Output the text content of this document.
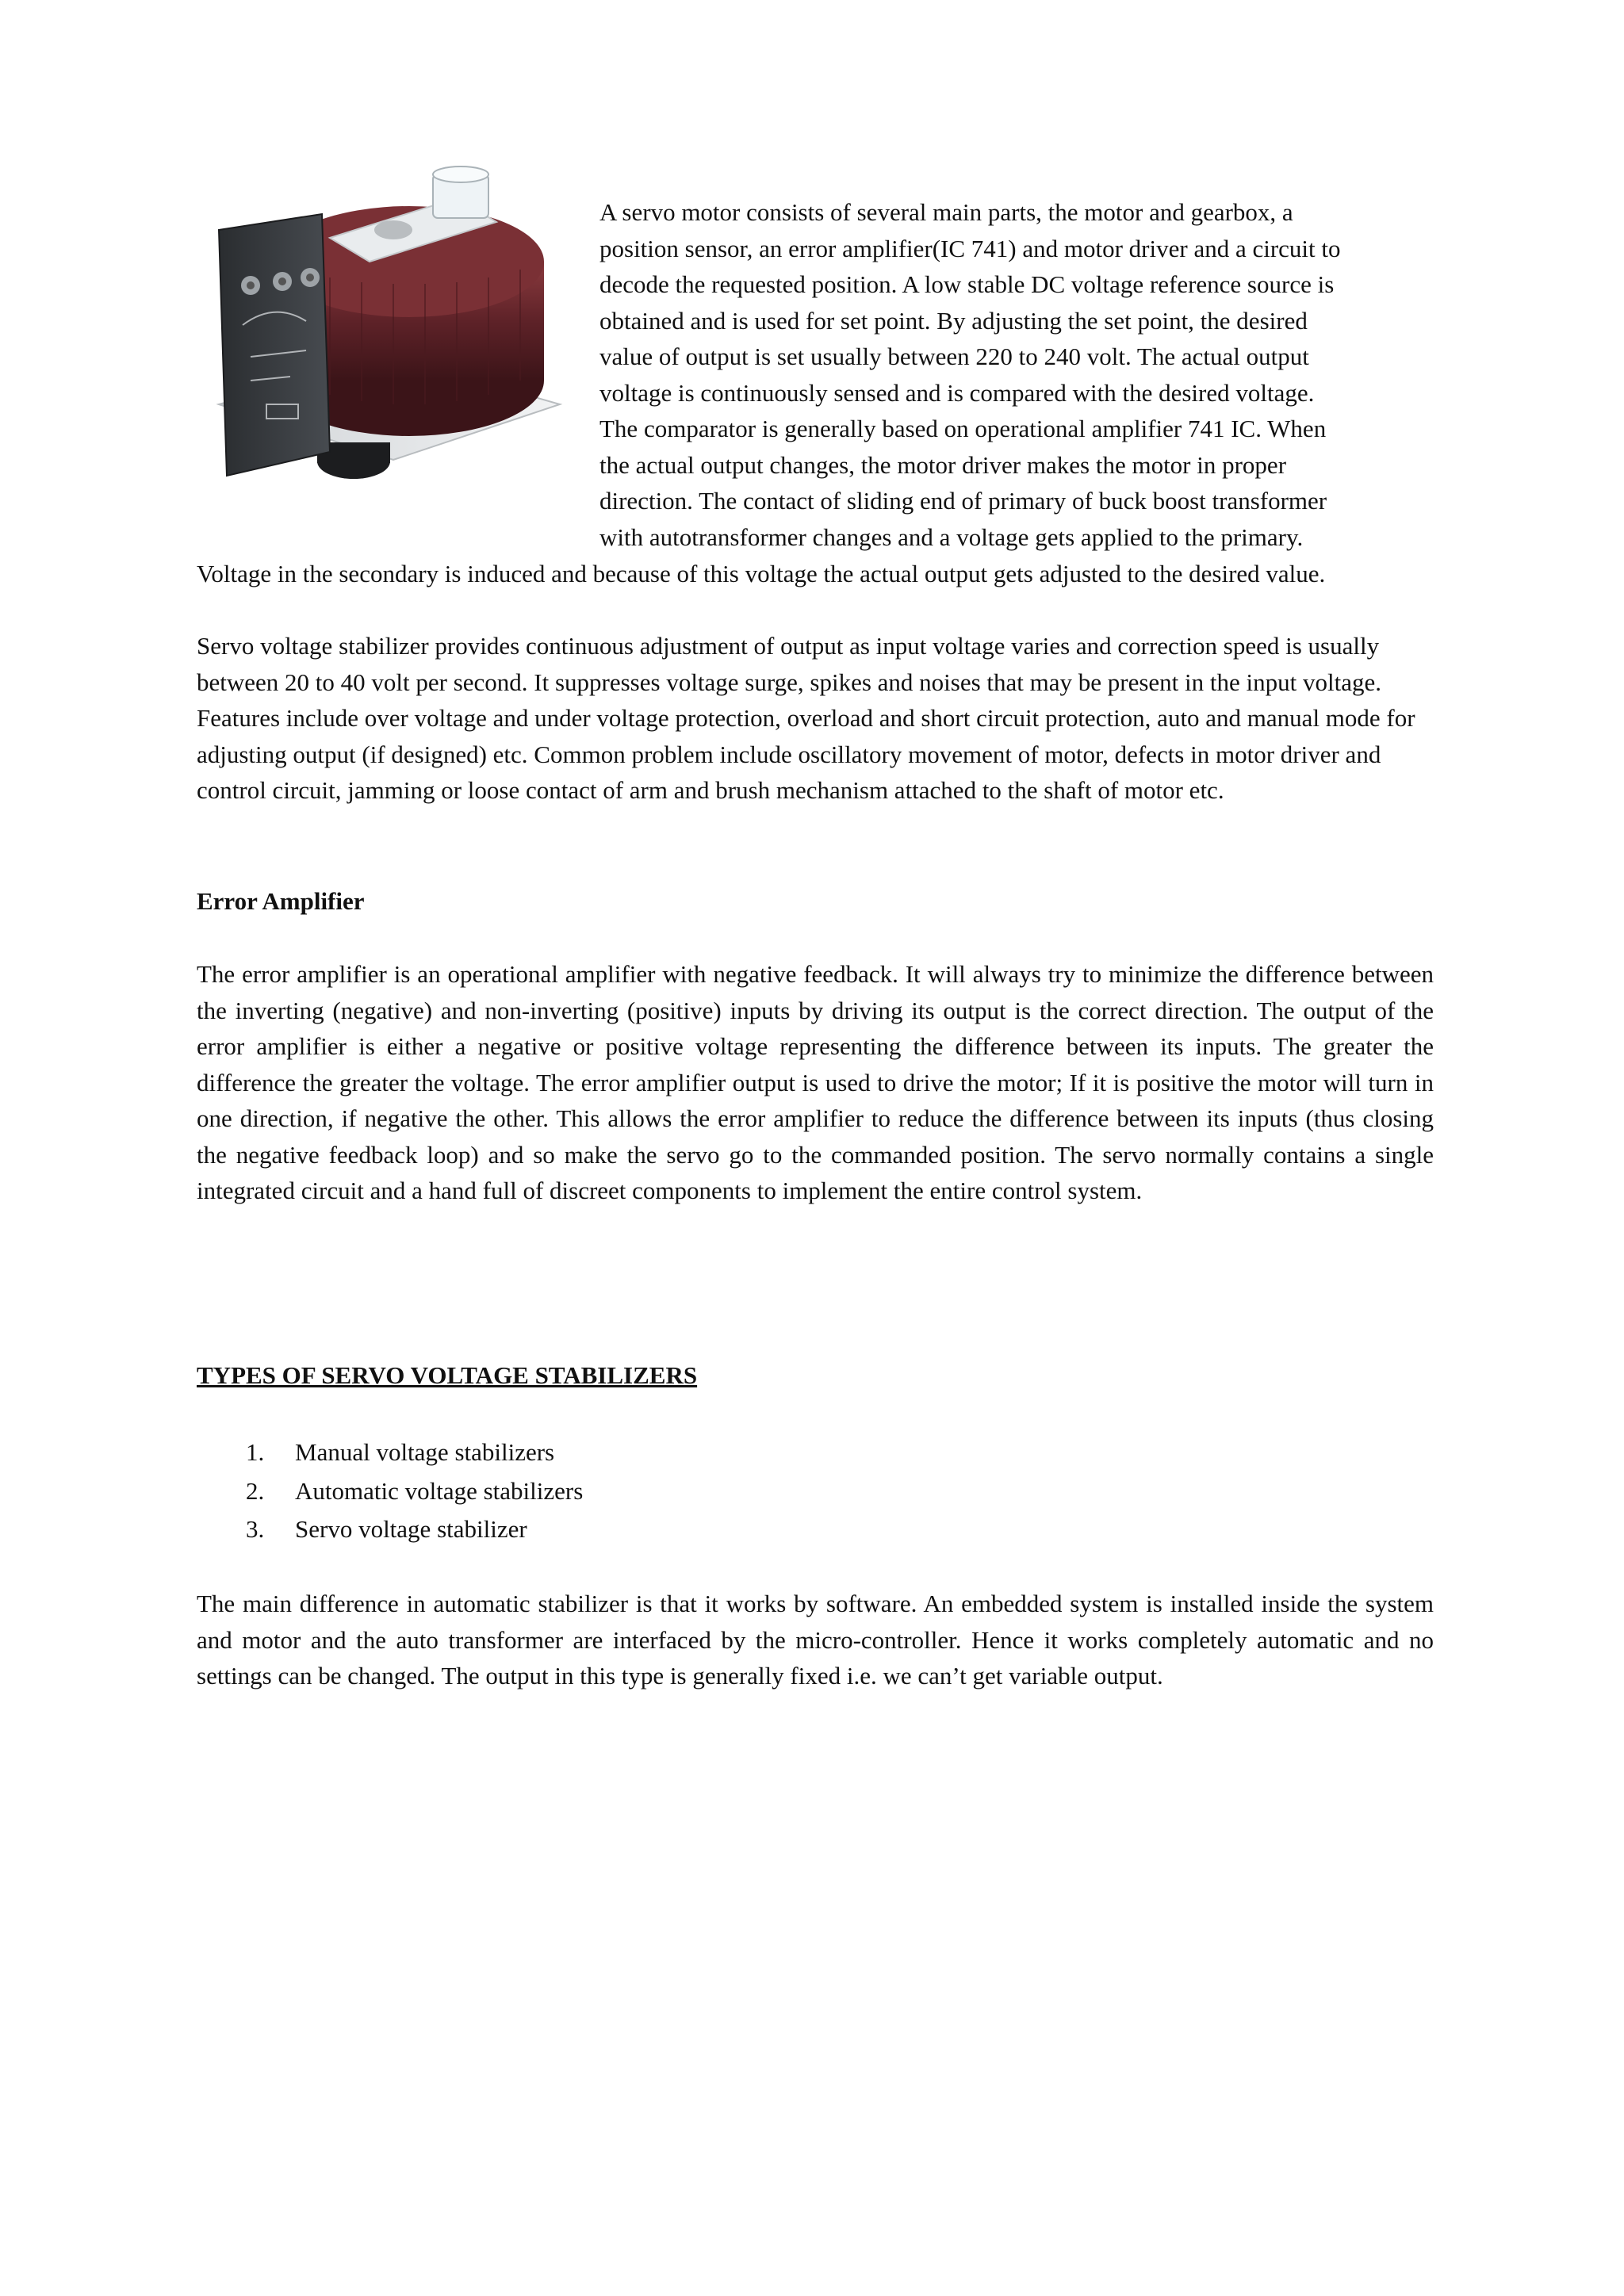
A servo motor consists of several main parts, the motor and gearbox, a
position sensor, an error amplifier(IC 741) and motor driver and a circuit to
decode the requested position. A low stable DC voltage reference source is
obtained and is used for set point. By adjusting the set point, the desired
value of output is set usually between 220 to 240 volt. The actual output
voltage is continuously sensed and is compared with the desired voltage.
The comparator is generally based on operational amplifier 741 IC. When
the actual output changes, the motor driver makes the motor in proper
direction. The contact of sliding end of primary of buck boost transformer
with autotransformer changes and a voltage gets applied to the primary.
Voltage in the secondary is induced and because of this voltage the actual output gets adjusted to the desired value.
Servo voltage stabilizer provides continuous adjustment of output as input voltage varies and correction speed is usually between 20 to 40 volt per second. It suppresses voltage surge, spikes and noises that may be present in the input voltage. Features include over voltage and under voltage protection, overload and short circuit protection, auto and manual mode for adjusting output (if designed) etc. Common problem include oscillatory movement of motor, defects in motor driver and control circuit, jamming or loose contact of arm and brush mechanism attached to the shaft of motor etc.
Error Amplifier
The error amplifier is an operational amplifier with negative feedback. It will always try to minimize the difference between the inverting (negative) and non-inverting (positive) inputs by driving its output is the correct direction. The output of the error amplifier is either a negative or positive voltage representing the difference between its inputs. The greater the difference the greater the voltage. The error amplifier output is used to drive the motor; If it is positive the motor will turn in one direction, if negative the other. This allows the error amplifier to reduce the difference between its inputs (thus closing the negative feedback loop) and so make the servo go to the commanded position. The servo normally contains a single integrated circuit and a hand full of discreet components to implement the entire control system.
TYPES OF SERVO VOLTAGE STABILIZERS
1. Manual voltage stabilizers
2. Automatic voltage stabilizers
3. Servo voltage stabilizer
The main difference in automatic stabilizer is that it works by software. An embedded system is installed inside the system and motor and the auto transformer are interfaced by the micro-controller. Hence it works completely automatic and no settings can be changed. The output in this type is generally fixed i.e. we can’t get variable output.
